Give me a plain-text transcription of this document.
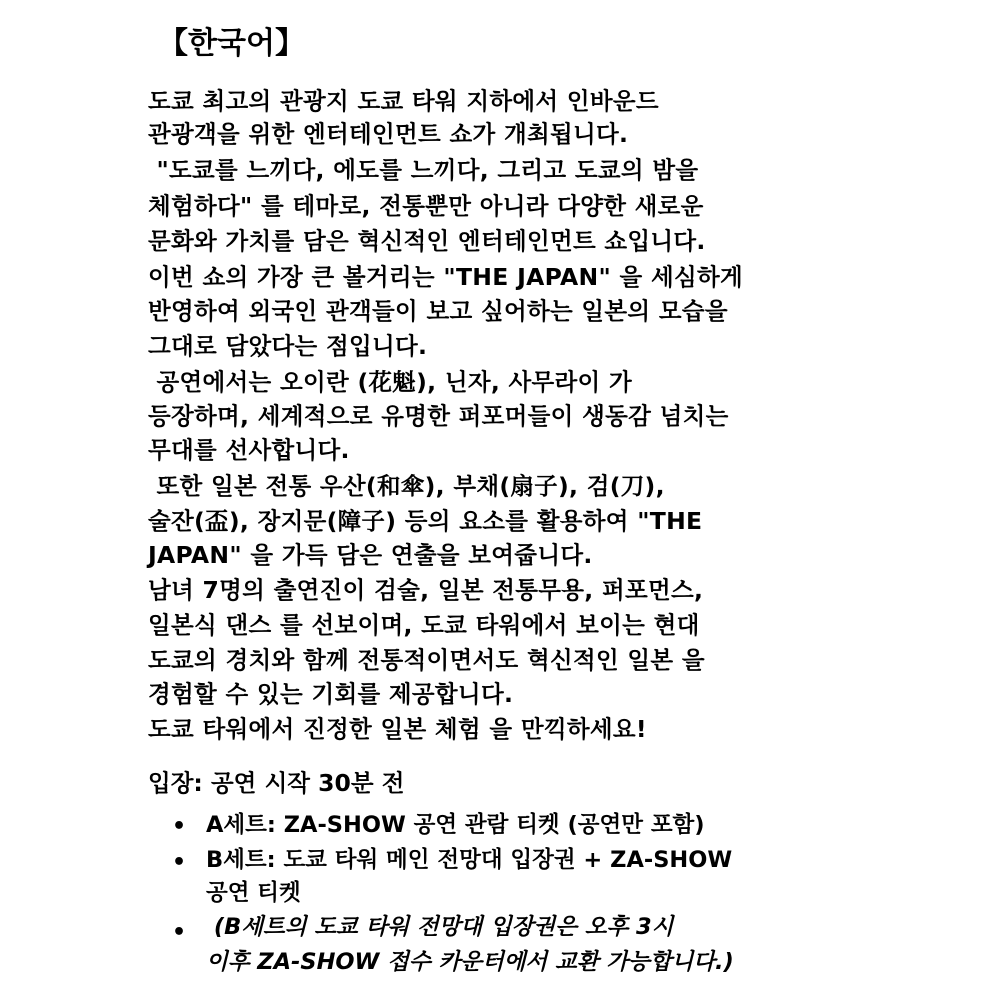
【한국어】
도쿄 최고의 관광지 도쿄 타워 지하에서 인바운드
관광객을 위한 엔터테인먼트 쇼가 개최됩니다.
"도쿄를 느끼다, 에도를 느끼다, 그리고 도쿄의 밤을
체험하다" 를 테마로, 전통뿐만 아니라 다양한 새로운
문화와 가치를 담은 혁신적인 엔터테인먼트 쇼입니다.
이번 쇼의 가장 큰 볼거리는 "THE JAPAN" 을 세심하게
반영하여 외국인 관객들이 보고 싶어하는 일본의 모습을
그대로 담았다는 점입니다.
공연에서는 오이란 (花魁), 닌자, 사무라이 가
등장하며, 세계적으로 유명한 퍼포머들이 생동감 넘치는
무대를 선사합니다.
또한 일본 전통 우산(和傘), 부채(扇子), 검(刀),
술잔(盃), 장지문(障子) 등의 요소를 활용하여 "THE
JAPAN" 을 가득 담은 연출을 보여줍니다.
남녀 7명의 출연진이 검술, 일본 전통무용, 퍼포먼스,
일본식 댄스 를 선보이며, 도쿄 타워에서 보이는 현대
도쿄의 경치와 함께 전통적이면서도 혁신적인 일본 을
경험할 수 있는 기회를 제공합니다.
도쿄 타워에서 진정한 일본 체험 을 만끽하세요!
입장: 공연 시작 30분 전
• A세트: ZA-SHOW 공연 관람 티켓 (공연만 포함)
• B세트: 도쿄 타워 메인 전망대 입장권 + ZA-SHOW
공연 티켓
• (B세트의 도쿄 타워 전망대 입장권은 오후 3시
이후 ZA-SHOW 접수 카운터에서 교환 가능합니다.)
